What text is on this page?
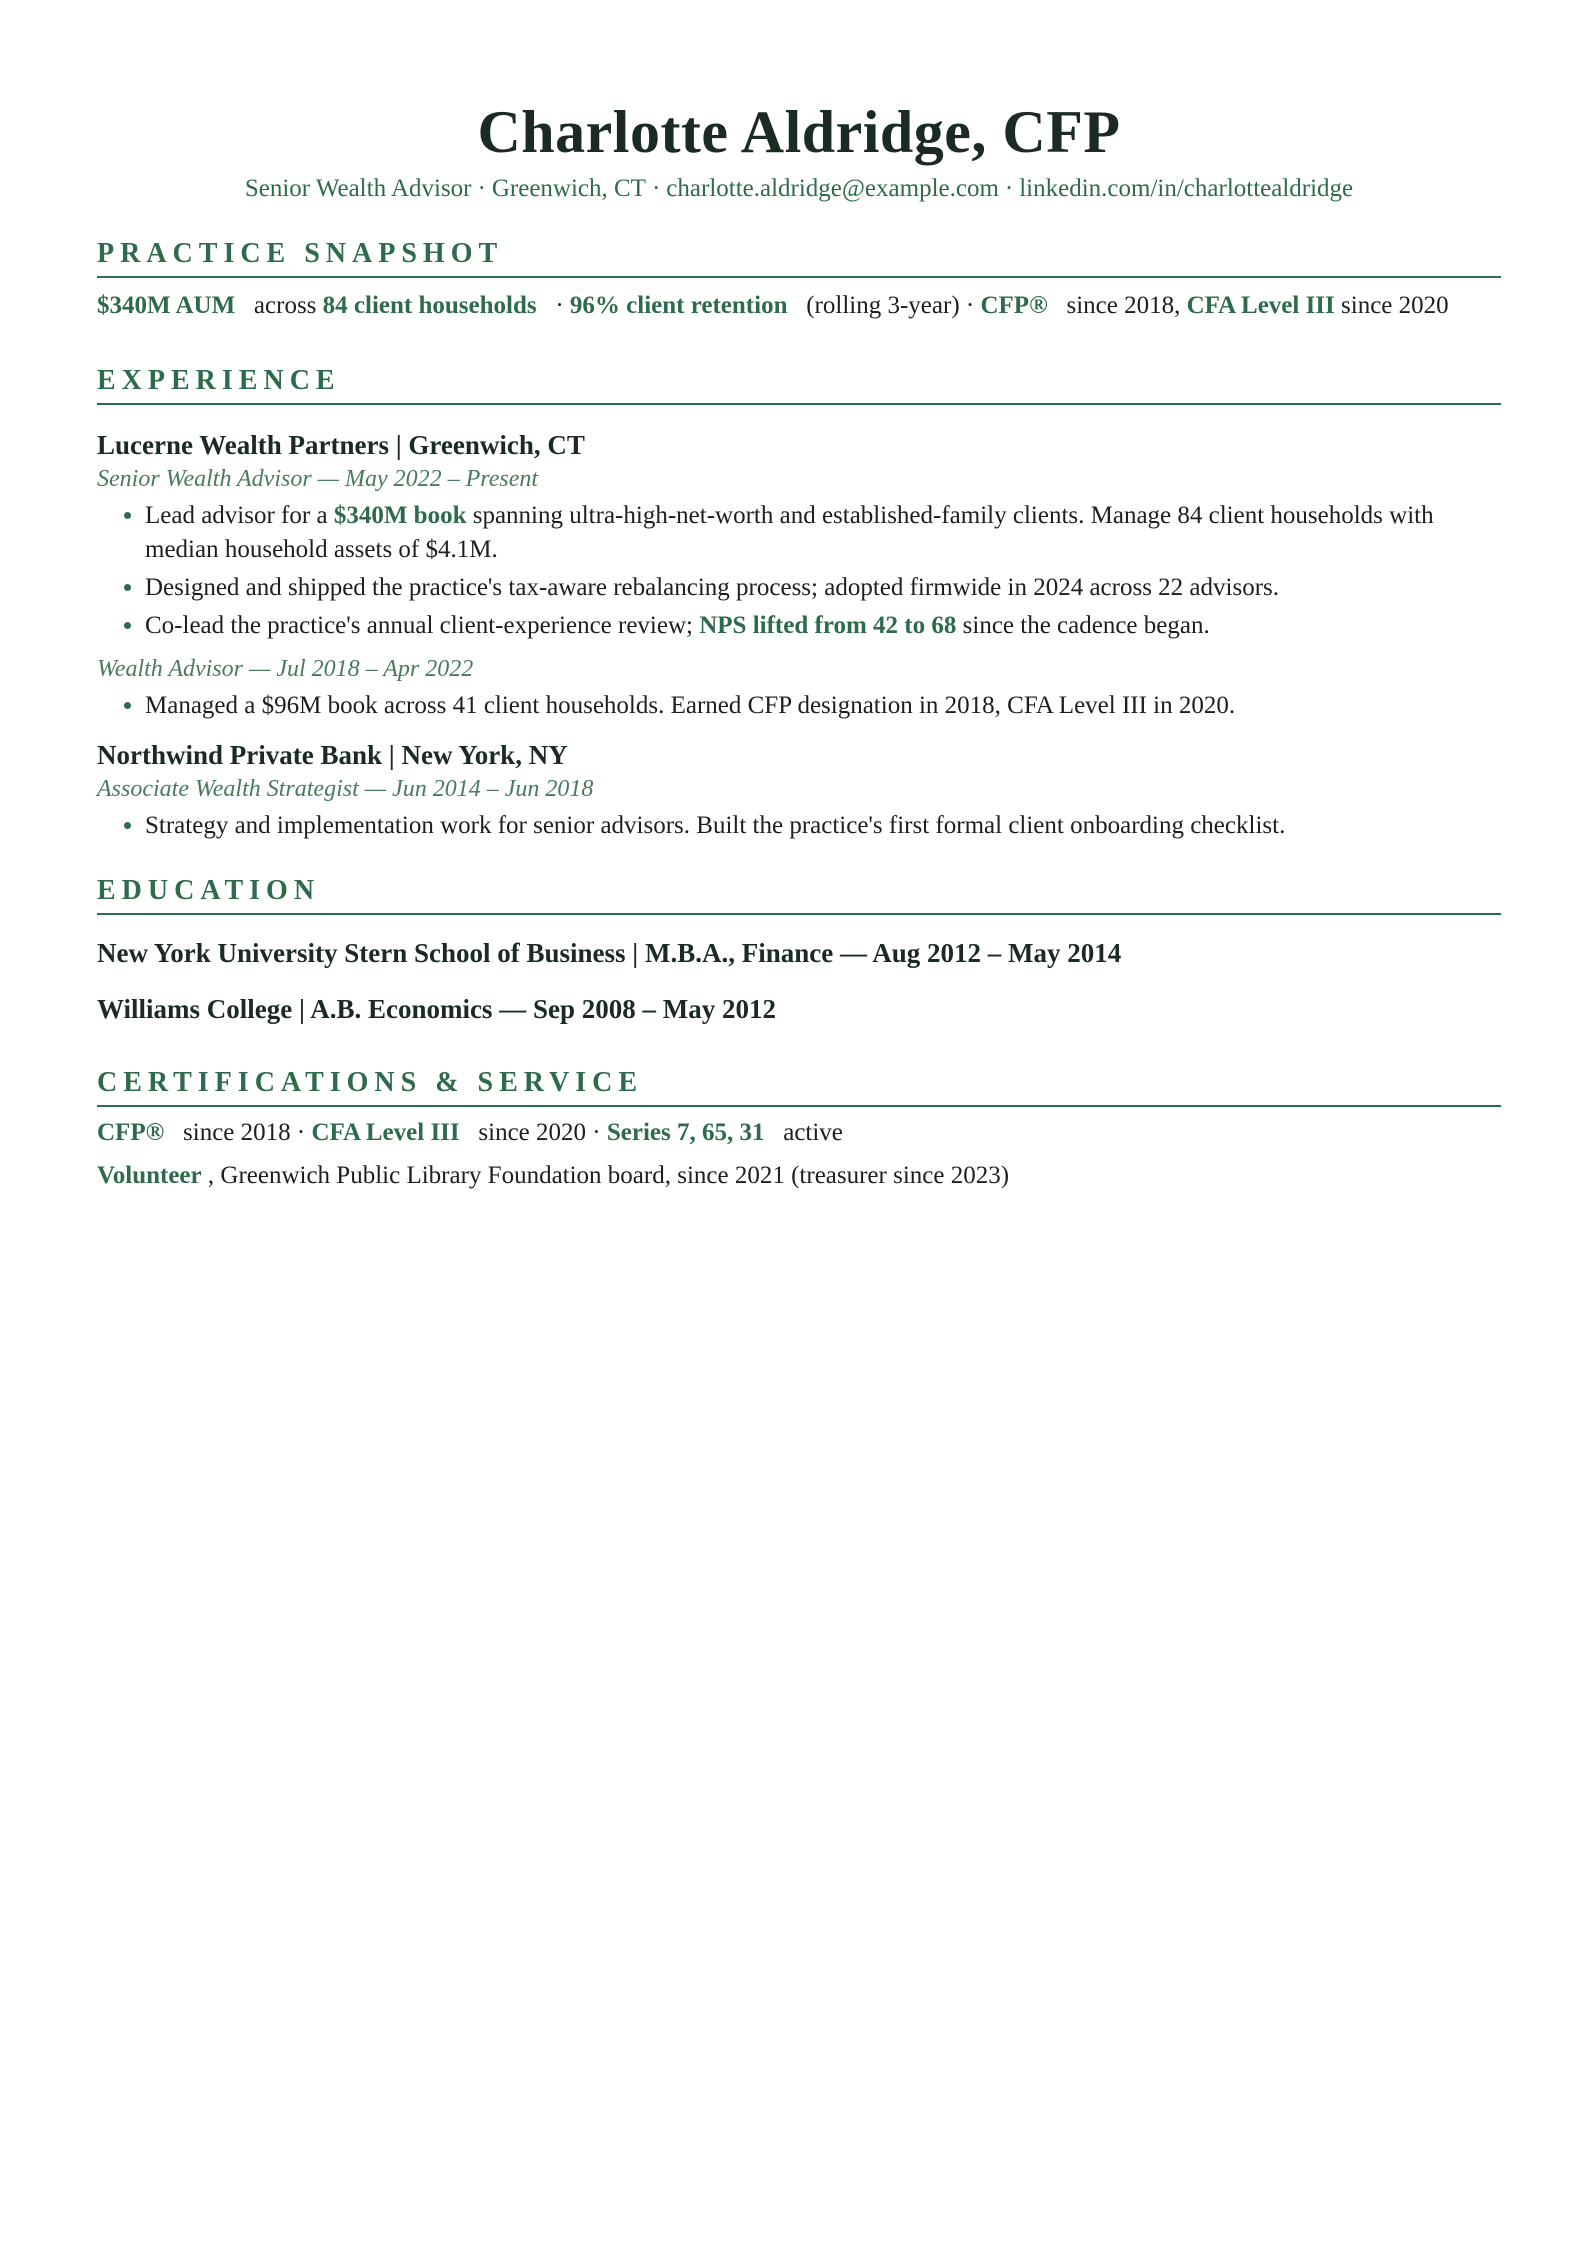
Charlotte Aldridge, CFP
Senior Wealth Advisor · Greenwich, CT · charlotte.aldridge@example.com · linkedin.com/in/charlottealdridge
PRACTICE SNAPSHOT
$340M AUM across 84 client households · 96% client retention (rolling 3-year) · CFP® since 2018, CFA Level III since 2020
EXPERIENCE
Lucerne Wealth Partners | Greenwich, CT
Senior Wealth Advisor — May 2022 – Present
• Lead advisor for a $340M book spanning ultra-high-net-worth and established-family clients. Manage 84 client households with median household assets of $4.1M.
• Designed and shipped the practice's tax-aware rebalancing process; adopted firmwide in 2024 across 22 advisors.
• Co-lead the practice's annual client-experience review; NPS lifted from 42 to 68 since the cadence began.
Wealth Advisor — Jul 2018 – Apr 2022
• Managed a $96M book across 41 client households. Earned CFP designation in 2018, CFA Level III in 2020.
Northwind Private Bank | New York, NY
Associate Wealth Strategist — Jun 2014 – Jun 2018
• Strategy and implementation work for senior advisors. Built the practice's first formal client onboarding checklist.
EDUCATION
New York University Stern School of Business | M.B.A., Finance — Aug 2012 – May 2014
Williams College | A.B. Economics — Sep 2008 – May 2012
CERTIFICATIONS & SERVICE
CFP® since 2018 · CFA Level III since 2020 · Series 7, 65, 31 active
Volunteer , Greenwich Public Library Foundation board, since 2021 (treasurer since 2023)
